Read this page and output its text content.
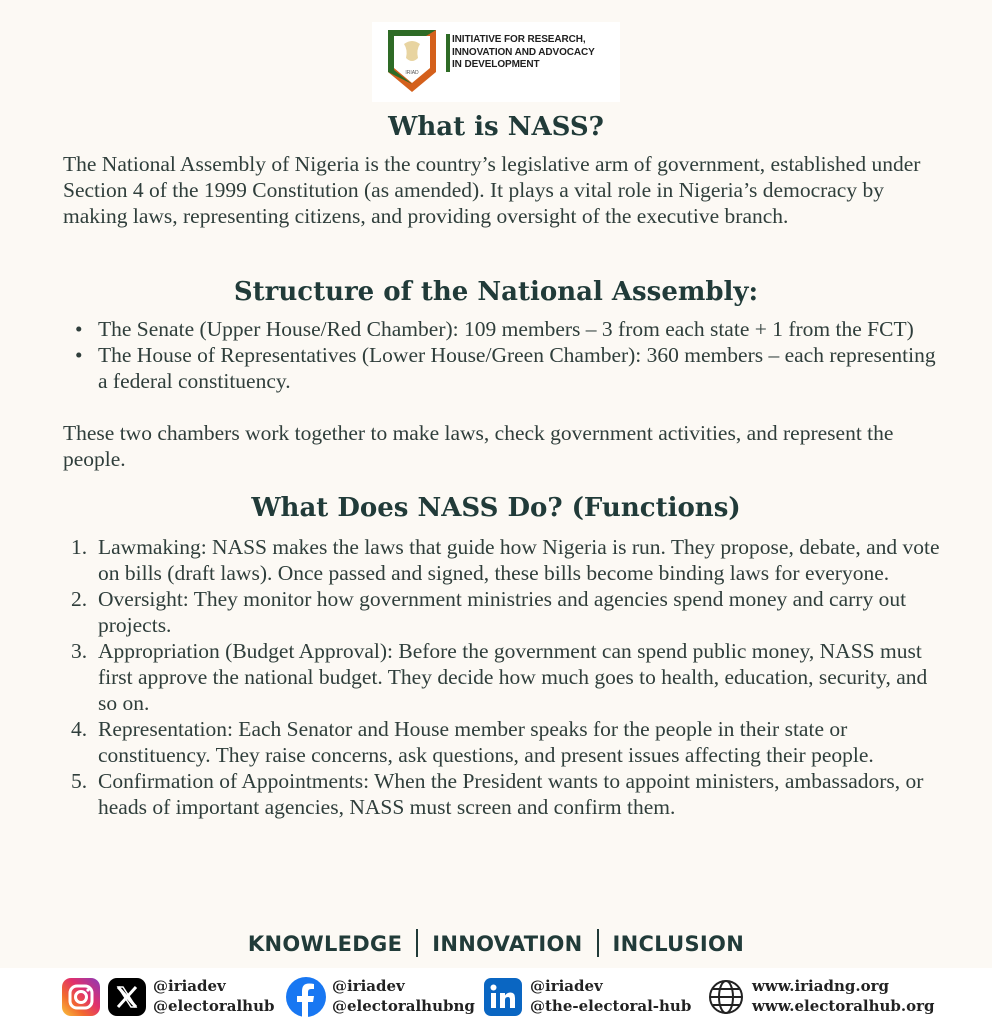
IRIAD
INITIATIVE FOR RESEARCH,
INNOVATION AND ADVOCACY
IN DEVELOPMENT
What is NASS?

The National Assembly of Nigeria is the country’s legislative arm of government, established under Section 4 of the 1999 Constitution (as amended). It plays a vital role in Nigeria’s democracy by making laws, representing citizens, and providing oversight of the executive branch.

Structure of the National Assembly:
• The Senate (Upper House/Red Chamber): 109 members – 3 from each state + 1 from the FCT)
• The House of Representatives (Lower House/Green Chamber): 360 members – each representing a federal constituency.

These two chambers work together to make laws, check government activities, and represent the people.

What Does NASS Do? (Functions)
1. Lawmaking: NASS makes the laws that guide how Nigeria is run. They propose, debate, and vote on bills (draft laws). Once passed and signed, these bills become binding laws for everyone.
2. Oversight: They monitor how government ministries and agencies spend money and carry out projects.
3. Appropriation (Budget Approval): Before the government can spend public money, NASS must first approve the national budget. They decide how much goes to health, education, security, and so on.
4. Representation: Each Senator and House member speaks for the people in their state or constituency. They raise concerns, ask questions, and present issues affecting their people.
5. Confirmation of Appointments: When the President wants to appoint ministers, ambassadors, or heads of important agencies, NASS must screen and confirm them.
KNOWLEDGE INNOVATION INCLUSION
@iriadev
@electoralhub
@iriadev
@electoralhubng
@iriadev
@the-electoral-hub
www.iriadng.org
www.electoralhub.org
